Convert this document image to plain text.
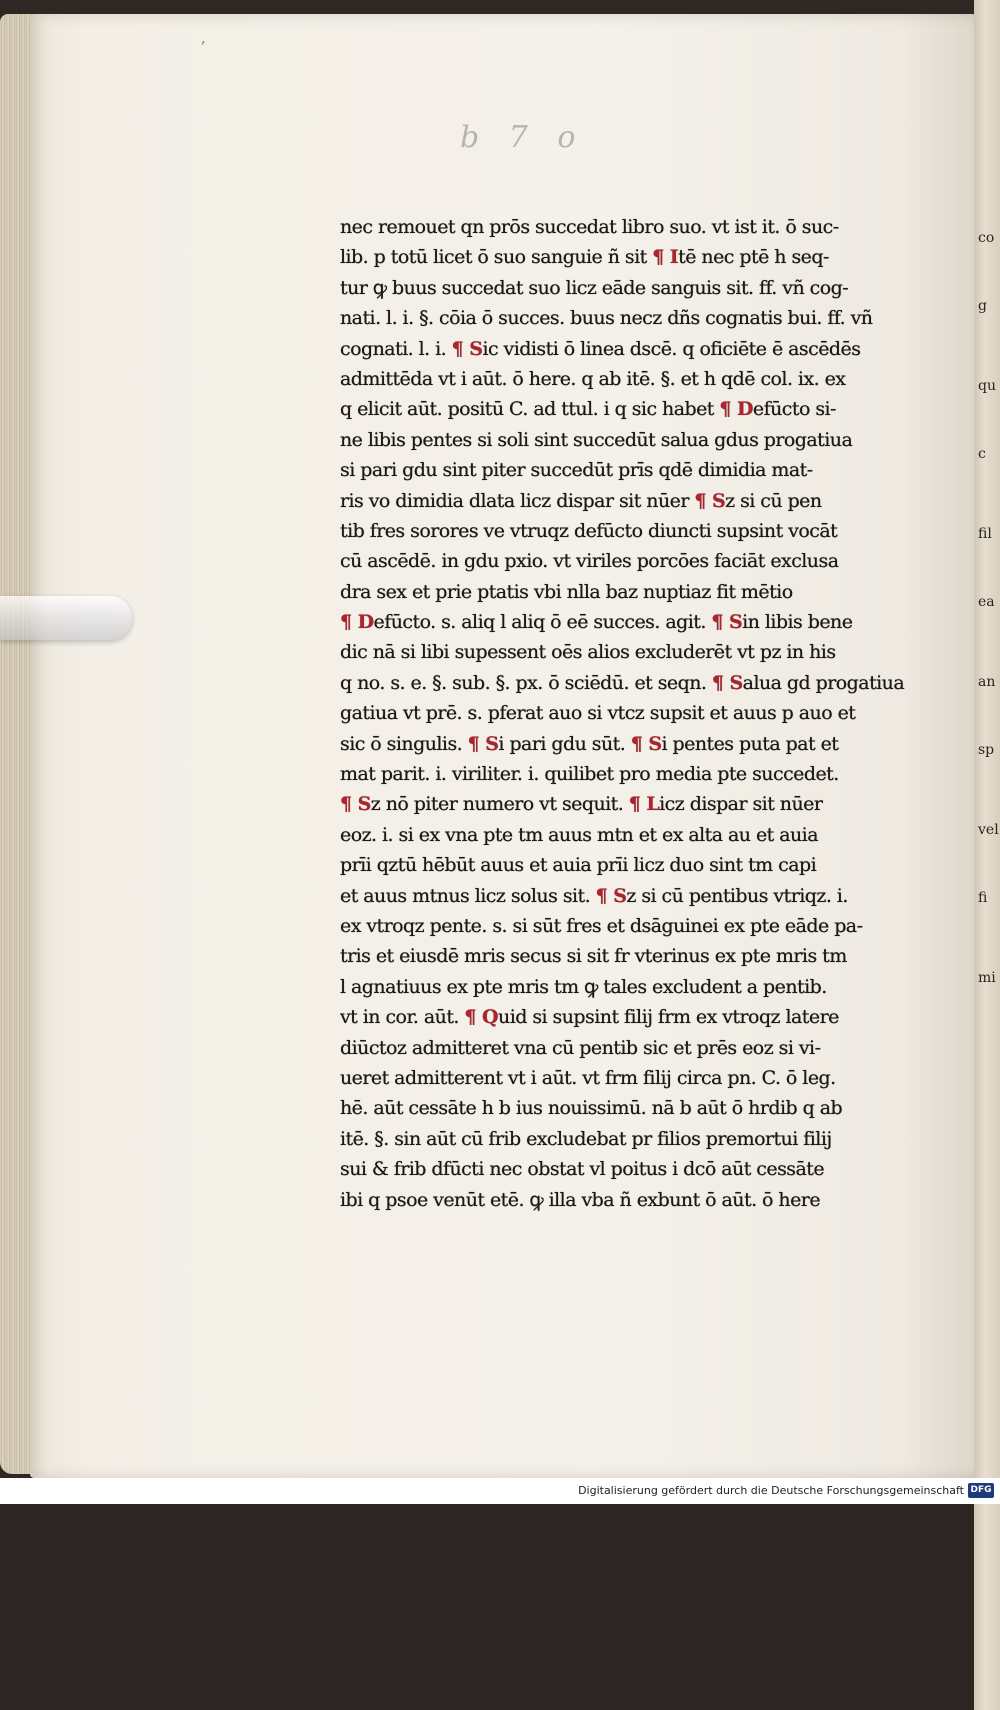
co
g
qu
c
fil
ea
an
sp
vel
fi
mi
ʼ
b 7 o
nec remouet qn prōs succedat libro suo. vt ist it. ō suc-
lib. p totū licet ō suo sanguie ñ sit ¶ Itē nec ptē h seq-
tur ꝙ buus succedat suo licz eāde sanguis sit. ff. vñ cog-
nati. l. i. §. cōia ō succes. buus necz dñs cognatis bui. ff. vñ
cognati. l. i. ¶ Sic vidisti ō linea dscē. q oficiēte ē ascēdēs
admittēda vt i aūt. ō here. q ab itē. §. et h qdē col. ix. ex
q elicit aūt. positū C. ad ttul. i q sic habet ¶ Defūcto si-
ne libis pentes si soli sint succedūt salua gdus progatiua
si pari gdu sint piter succedūt prīs qdē dimidia mat-
ris vo dimidia dlata licz dispar sit nūer ¶ Sz si cū pen
tib fres sorores ve vtruqz defūcto diuncti supsint vocāt
cū ascēdē. in gdu pxio. vt viriles porcōes faciāt exclusa
dra sex et prie ptatis vbi nlla baz nuptiaz fit mētio
¶ Defūcto. s. aliq l aliq ō eē succes. agit. ¶ Sin libis bene
dic nā si libi supessent oēs alios excluderēt vt pz in his
q no. s. e. §. sub. §. px. ō sciēdū. et seqn. ¶ Salua gd progatiua
gatiua vt prē. s. pferat auo si vtcz supsit et auus p auo et
sic ō singulis. ¶ Si pari gdu sūt. ¶ Si pentes puta pat et
mat parit. i. viriliter. i. quilibet pro media pte succedet.
¶ Sz nō piter numero vt sequit. ¶ Licz dispar sit nūer
eoz. i. si ex vna pte tm auus mtn et ex alta au et auia
prīi qztū hēbūt auus et auia prīi licz duo sint tm capi
et auus mtnus licz solus sit. ¶ Sz si cū pentibus vtriqz. i.
ex vtroqz pente. s. si sūt fres et dsāguinei ex pte eāde pa-
tris et eiusdē mris secus si sit fr vterinus ex pte mris tm
l agnatiuus ex pte mris tm ꝙ tales excludent a pentib.
vt in cor. aūt. ¶ Quid si supsint filij frm ex vtroqz latere
diūctoz admitteret vna cū pentib sic et prēs eoz si vi-
ueret admitterent vt i aūt. vt frm filij circa pn. C. ō leg.
hē. aūt cessāte h b ius nouissimū. nā b aūt ō hrdib q ab
itē. §. sin aūt cū frib excludebat pr filios premortui filij
sui & frib dfūcti nec obstat vl poitus i dcō aūt cessāte
ibi q psoe venūt etē. ꝙ illa vba ñ exbunt ō aūt. ō here
Digitalisierung gefördert durch die Deutsche Forschungsgemeinschaft DFG
